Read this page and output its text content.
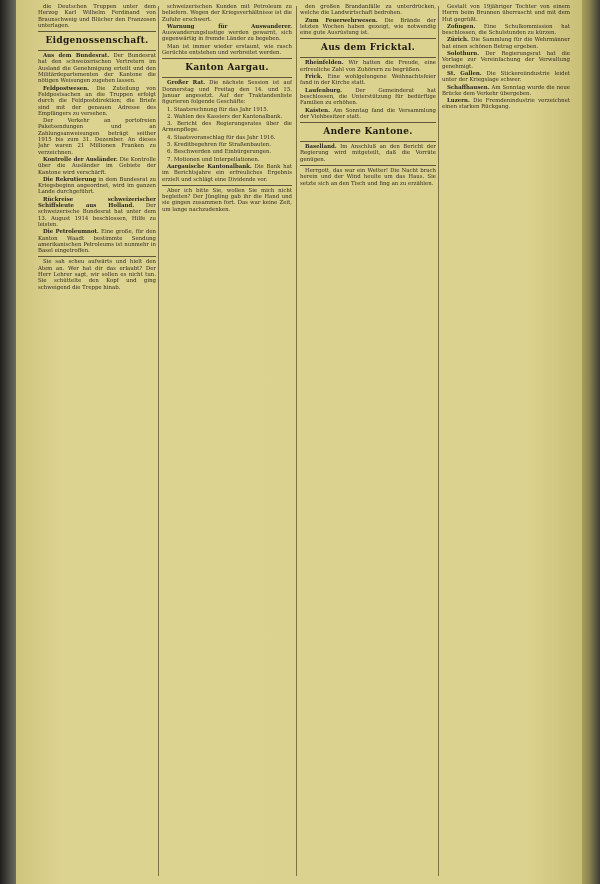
die Deutschen Truppen unter dem Herzog Karl Wilhelm Ferdinand von Braunschweig und Blücher den Franzosen unterlagen.

Eidgenossenschaft.

Aus dem Bundesrat. Der Bundesrat hat den schweizerischen Vertretern im Ausland die Genehmigung erteilt und den Militärdepartementen der Kantone die nötigen Weisungen zugehen lassen.

Feldpostwesen. Die Zuteilung von Feldpostsachen an die Truppen erfolgt durch die Feldpostdirektion; die Briefe sind mit der genauen Adresse des Empfängers zu versehen.

Der Verkehr an portofreien Paketsendungen und an Zahlungsanweisungen beträgt seither 1915 bis zum 31. Dezember. An dieses Jahr waren 21 Millionen Franken zu verzeichnen.

Kontrolle der Ausländer. Die Kontrolle über die Ausländer im Gebiete der Kantone wird verschärft.

Die Rekrutierung in dem Bundesrat zu Kriegsbeginn angeordnet, wird im ganzen Lande durchgeführt.

Rückreise schweizerischer Schiffsleute aus Holland. Der schweizerische Bundesrat hat unter dem 13. August 1914 beschlossen, Hilfe zu leisten.

Die Petroleumnot. Eine große, für den Kanton Waadt bestimmte Sendung amerikanischen Petroleums ist nunmehr in Basel eingetroffen.

Sie sah scheu aufwärts und hielt den Atem an. Wer hat dir das erlaubt? Der Herr Lehrer sagt, wir sollen es nicht tun. Sie schüttelte den Kopf und ging schweigend die Treppe hinab.

schweizerischen Kunden mit Petroleum zu beliefern. Wegen der Kriegsverhältnisse ist die Zufuhr erschwert.

Warnung für Auswanderer. Auswanderungslustige werden gewarnt, sich gegenwärtig in fremde Länder zu begeben.

Man ist immer wieder erstaunt, wie rasch Gerüchte entstehen und verbreitet werden.

Kanton Aargau.

Großer Rat. Die nächste Session ist auf Donnerstag und Freitag den 14. und 15. Januar angesetzt. Auf der Traktandenliste figurieren folgende Geschäfte:

1. Staatsrechnung für das Jahr 1915.

2. Wahlen des Kassiers der Kantonalbank.

3. Bericht des Regierungsrates über die Armenpflege.

4. Staatsvoranschlag für das Jahr 1916.

5. Kreditbegehren für Straßenbauten.

6. Beschwerden und Einbürgerungen.

7. Motionen und Interpellationen.

Aargauische Kantonalbank. Die Bank hat im Berichtsjahre ein erfreuliches Ergebnis erzielt und schlägt eine Dividende vor.

Aber ich bitte Sie, wollen Sie mich nicht begleiten? Der Jüngling gab ihr die Hand und sie gingen zusammen fort. Das war keine Zeit, um lange nachzudenken.

den großen Brandanfälle zu unterdrücken, welche die Landwirtschaft bedrohen.

Zum Feuerwehrwesen. Die Brände der letzten Wochen haben gezeigt, wie notwendig eine gute Ausrüstung ist.

Aus dem Fricktal.

Rheinfelden. Wir hatten die Freude, eine erfreuliche Zahl von Zuhörern zu begrüßen.

Frick. Eine wohlgelungene Weihnachtsfeier fand in der Kirche statt.

Laufenburg. Der Gemeinderat hat beschlossen, die Unterstützung für bedürftige Familien zu erhöhen.

Kaisten. Am Sonntag fand die Versammlung der Viehbesitzer statt.

Andere Kantone.

Baselland. Im Anschluß an den Bericht der Regierung wird mitgeteilt, daß die Vorräte genügen.

Herrgott, das war ein Wetter! Die Nacht brach herein und der Wind heulte um das Haus. Sie setzte sich an den Tisch und fing an zu erzählen.

Gestalt von 19jähriger Tochter von einem Herrn beim Brunnen überrascht und mit dem Hut gegrüßt.

Zofingen. Eine Schulkommission hat beschlossen, die Schulstunden zu kürzen.

Zürich. Die Sammlung für die Wehrmänner hat einen schönen Betrag ergeben.

Solothurn. Der Regierungsrat hat die Vorlage zur Vereinfachung der Verwaltung genehmigt.

St. Gallen. Die Stickereiindustrie leidet unter der Kriegslage schwer.

Schaffhausen. Am Sonntag wurde die neue Brücke dem Verkehr übergeben.

Luzern. Die Fremdenindustrie verzeichnet einen starken Rückgang.
